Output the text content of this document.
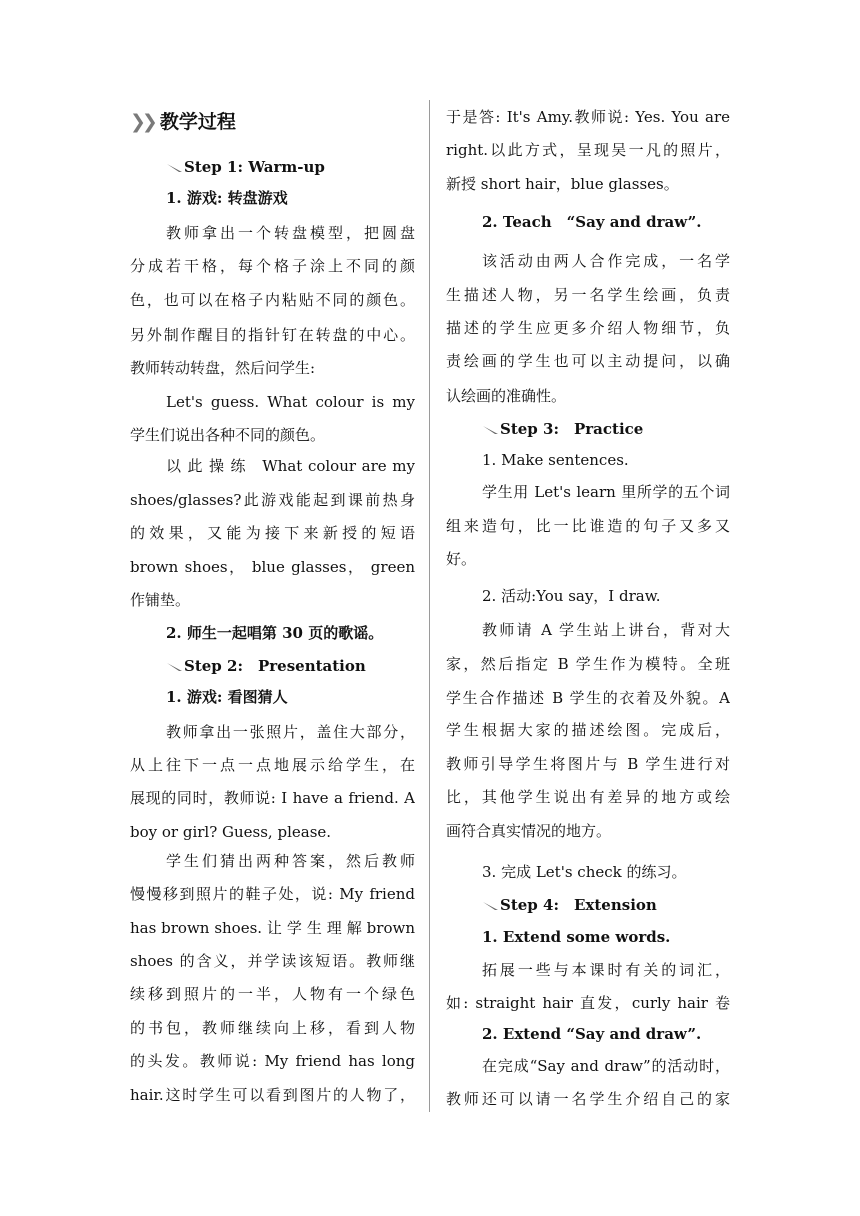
❯❯ 教学过程
Step 1: Warm-up
1. 游戏: 转盘游戏
教师拿出一个转盘模型，把圆盘
分成若干格，每个格子涂上不同的颜
色，也可以在格子内粘贴不同的颜色。
另外制作醒目的指针钉在转盘的中心。
教师转动转盘，然后问学生:
Let's guess. What colour is my
学生们说出各种不同的颜色。
以 此 操 练　What colour are my
shoes/glasses?此游戏能起到课前热身
的效果，又能为接下来新授的短语
brown shoes， blue glasses， green
作铺垫。
2. 师生一起唱第 30 页的歌谣。
Step 2:　Presentation
1. 游戏: 看图猜人
教师拿出一张照片，盖住大部分，
从上往下一点一点地展示给学生，在
展现的同时，教师说: I have a friend. A
boy or girl? Guess, please.
学生们猜出两种答案，然后教师
慢慢移到照片的鞋子处，说: My friend
has brown shoes. 让 学 生 理 解 brown
shoes 的含义，并学读该短语。教师继
续移到照片的一半，人物有一个绿色
的书包，教师继续向上移，看到人物
的头发。教师说: My friend has long
hair.这时学生可以看到图片的人物了，
于是答: It's Amy.教师说: Yes. You are
right.以此方式，呈现吴一凡的照片，
新授 short hair，blue glasses。
2. Teach　“Say and draw”.
该活动由两人合作完成，一名学
生描述人物，另一名学生绘画，负责
描述的学生应更多介绍人物细节，负
责绘画的学生也可以主动提问，以确
认绘画的准确性。
Step 3:　Practice
1. Make sentences.
学生用 Let's learn 里所学的五个词
组来造句，比一比谁造的句子又多又
好。
2. 活动:You say，I draw.
教师请 A 学生站上讲台，背对大
家，然后指定 B 学生作为模特。全班
学生合作描述 B 学生的衣着及外貌。A
学生根据大家的描述绘图。完成后，
教师引导学生将图片与 B 学生进行对
比，其他学生说出有差异的地方或绘
画符合真实情况的地方。
3. 完成 Let's check 的练习。
Step 4:　Extension
1. Extend some words.
拓展一些与本课时有关的词汇，
如: straight hair 直发，curly hair 卷
2. Extend “Say and draw”.
在完成“Say and draw”的活动时，
教师还可以请一名学生介绍自己的家
